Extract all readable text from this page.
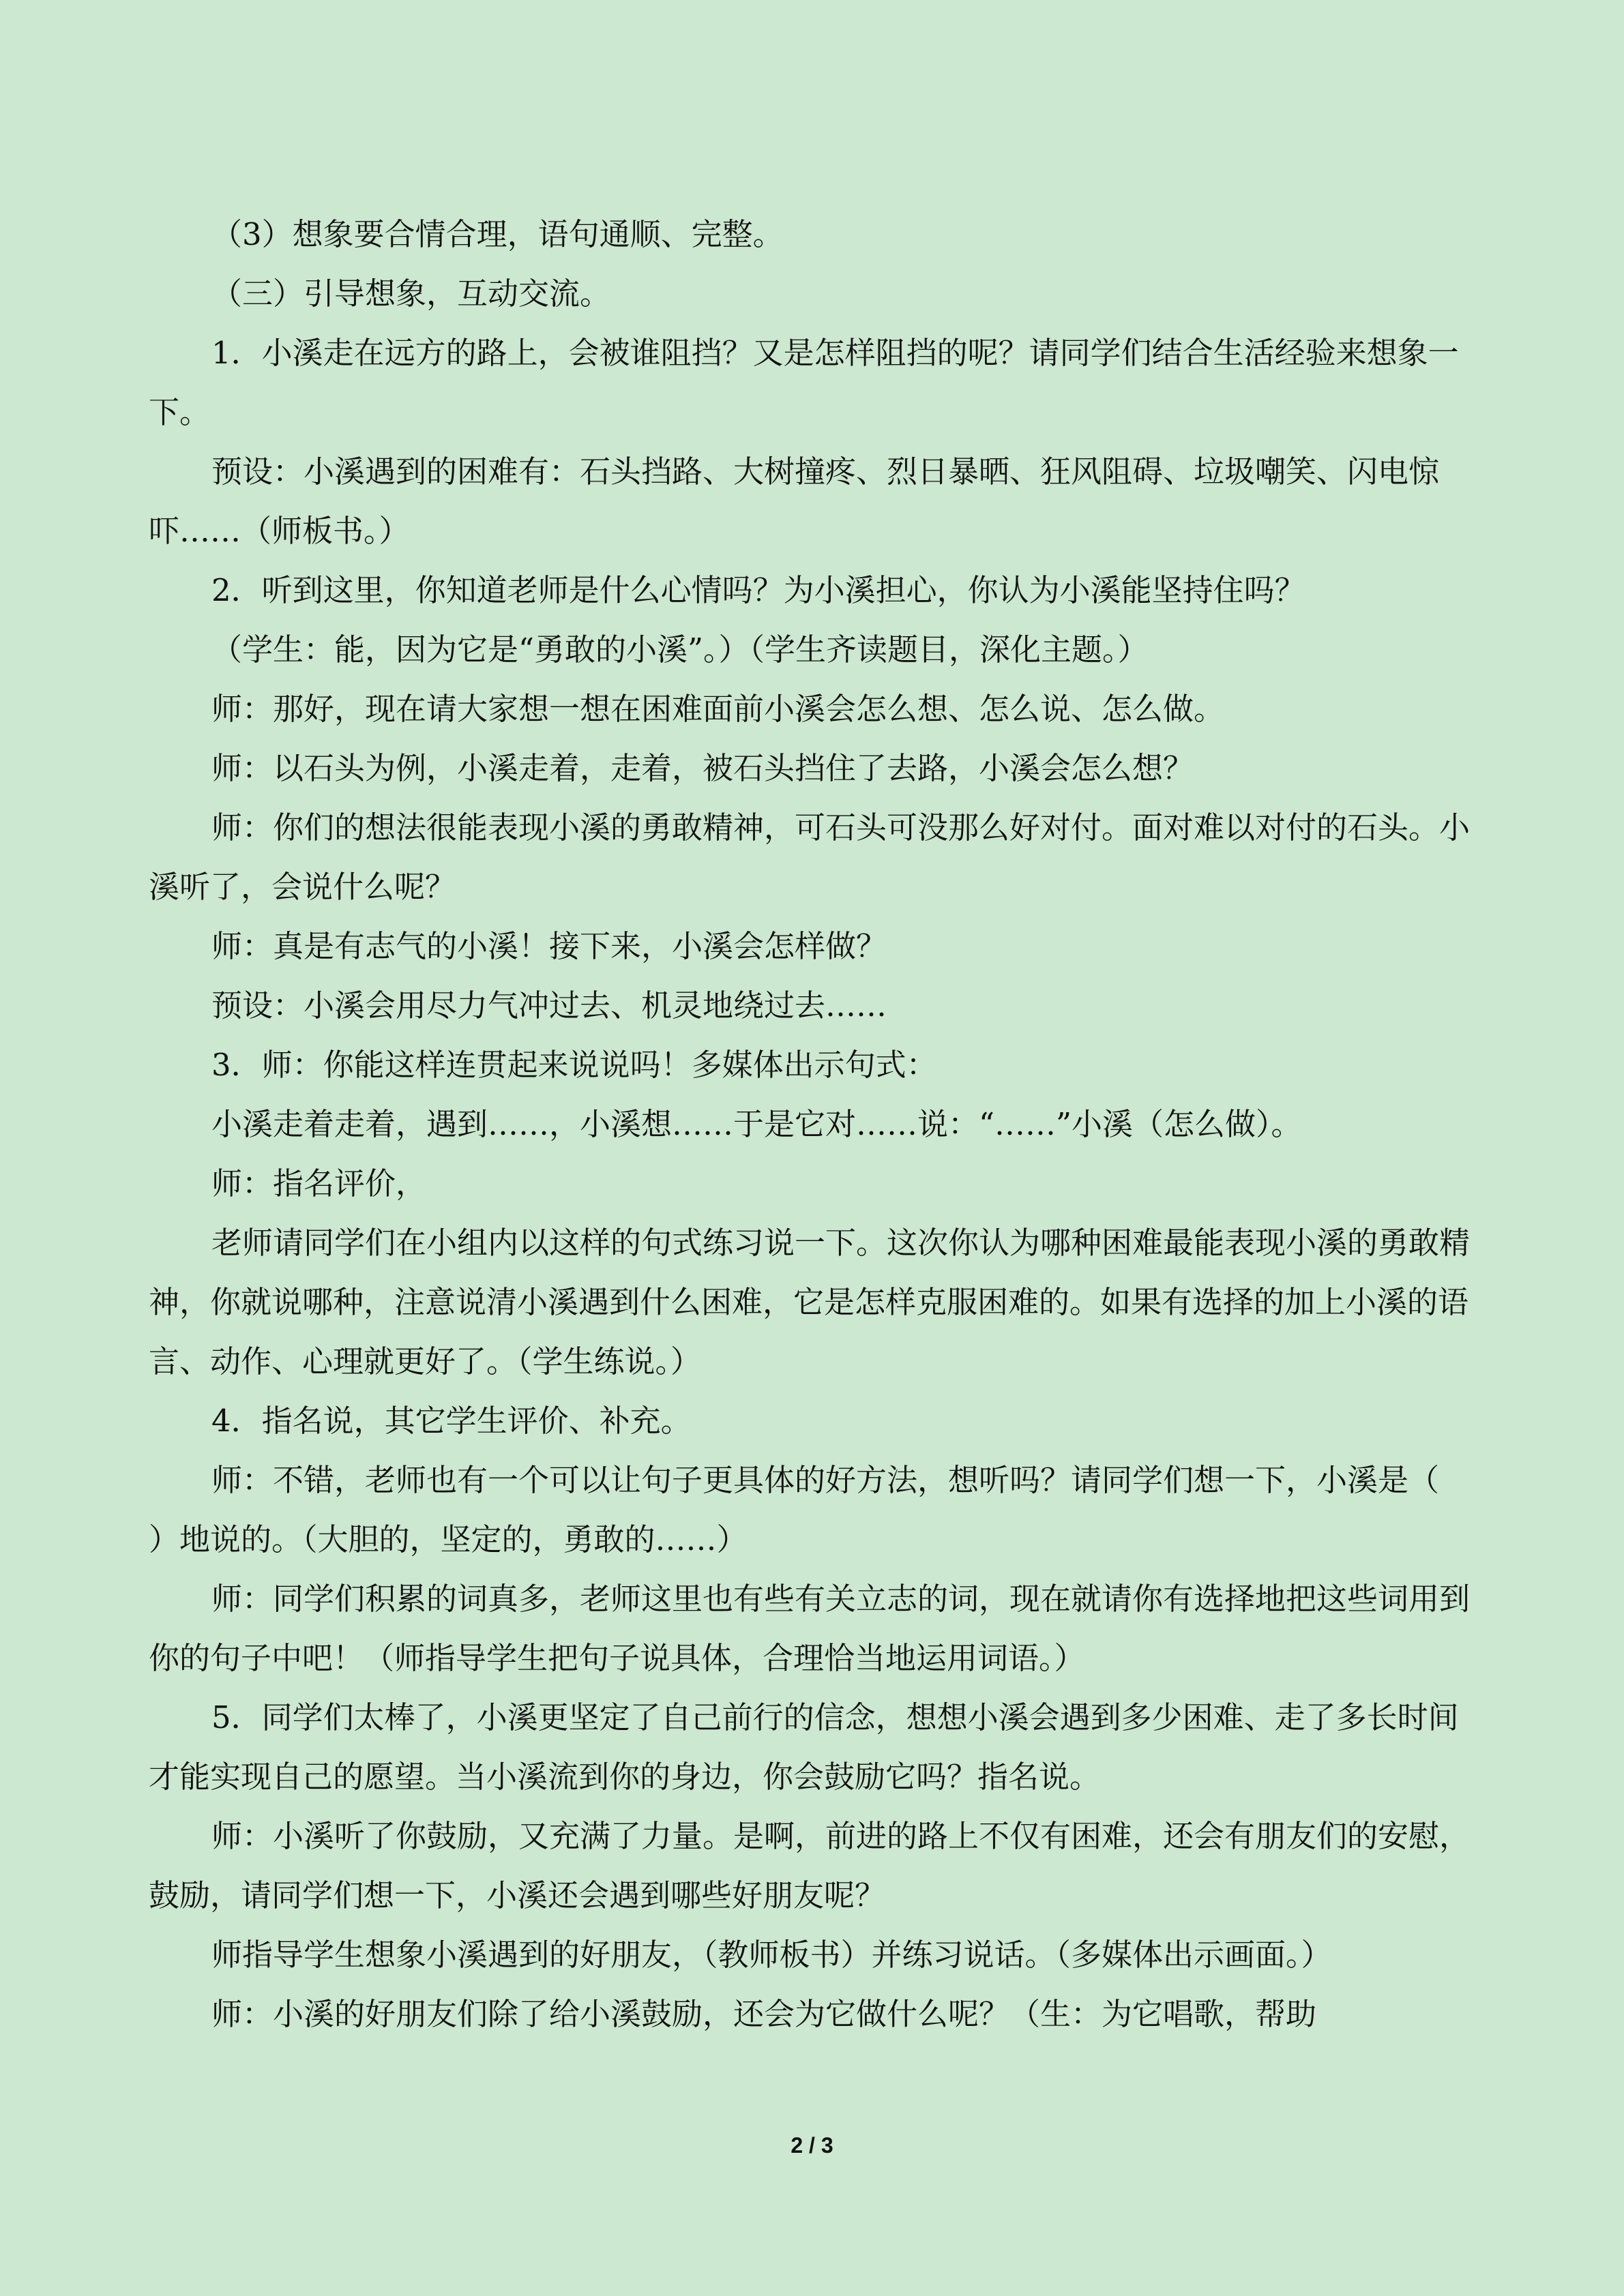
（3）想象要合情合理，语句通顺、完整。

（三）引导想象，互动交流。

1．小溪走在远方的路上，会被谁阻挡？又是怎样阻挡的呢？请同学们结合生活经验来想象一下。

预设：小溪遇到的困难有：石头挡路、大树撞疼、烈日暴晒、狂风阻碍、垃圾嘲笑、闪电惊吓……（师板书。）

2．听到这里，你知道老师是什么心情吗？为小溪担心，你认为小溪能坚持住吗？

（学生：能，因为它是“勇敢的小溪”。）（学生齐读题目，深化主题。）

师：那好，现在请大家想一想在困难面前小溪会怎么想、怎么说、怎么做。

师：以石头为例，小溪走着，走着，被石头挡住了去路，小溪会怎么想？

师：你们的想法很能表现小溪的勇敢精神，可石头可没那么好对付。面对难以对付的石头。小溪听了，会说什么呢？

师：真是有志气的小溪！接下来，小溪会怎样做？

预设：小溪会用尽力气冲过去、机灵地绕过去……

3．师：你能这样连贯起来说说吗！多媒体出示句式：

小溪走着走着，遇到……，小溪想……于是它对……说：“……”小溪（怎么做）。

师：指名评价，

老师请同学们在小组内以这样的句式练习说一下。这次你认为哪种困难最能表现小溪的勇敢精神，你就说哪种，注意说清小溪遇到什么困难，它是怎样克服困难的。如果有选择的加上小溪的语言、动作、心理就更好了。（学生练说。）

4．指名说，其它学生评价、补充。

师：不错，老师也有一个可以让句子更具体的好方法，想听吗？请同学们想一下，小溪是（　　）地说的。（大胆的，坚定的，勇敢的……）

师：同学们积累的词真多，老师这里也有些有关立志的词，现在就请你有选择地把这些词用到你的句子中吧！（师指导学生把句子说具体，合理恰当地运用词语。）

5．同学们太棒了，小溪更坚定了自己前行的信念，想想小溪会遇到多少困难、走了多长时间才能实现自己的愿望。当小溪流到你的身边，你会鼓励它吗？指名说。

师：小溪听了你鼓励，又充满了力量。是啊，前进的路上不仅有困难，还会有朋友们的安慰，鼓励，请同学们想一下，小溪还会遇到哪些好朋友呢？

师指导学生想象小溪遇到的好朋友，（教师板书）并练习说话。（多媒体出示画面。）

师：小溪的好朋友们除了给小溪鼓励，还会为它做什么呢？（生：为它唱歌，帮助

2 / 3
